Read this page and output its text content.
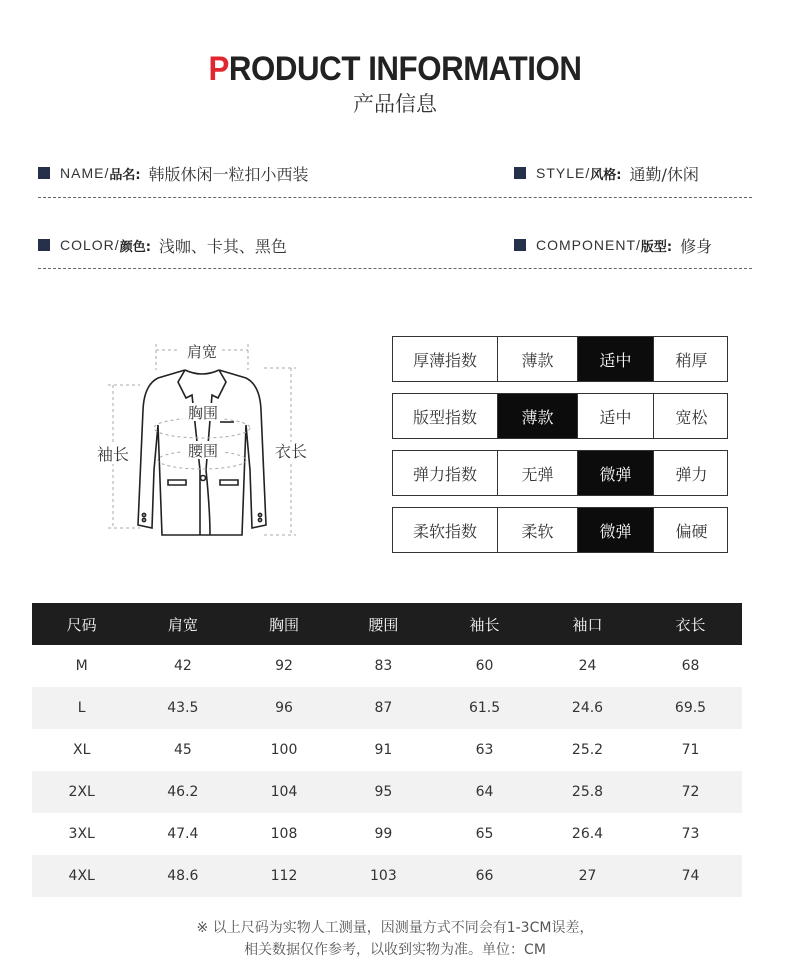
PRODUCT INFORMATION
产品信息
NAME/ 品名: 韩版休闲一粒扣小西装	STYLE/ 风格: 通勤/休闲
COLOR/ 颜色: 浅咖、卡其、黑色	COMPONENT/ 版型: 修身
肩宽
胸围
腰围
袖长	衣长
厚薄指数	薄款	适中	稍厚
版型指数	薄款	适中	宽松
弹力指数	无弹	微弹	弹力
柔软指数	柔软	微弹	偏硬
尺码	肩宽	胸围	腰围	袖长	袖口	衣长
M	42	92	83	60	24	68
L	43.5	96	87	61.5	24.6	69.5
XL	45	100	91	63	25.2	71
2XL	46.2	104	95	64	25.8	72
3XL	47.4	108	99	65	26.4	73
4XL	48.6	112	103	66	27	74
※ 以上尺码为实物人工测量，因测量方式不同会有1-3CM误差，
相关数据仅作参考，以收到实物为准。单位：CM
